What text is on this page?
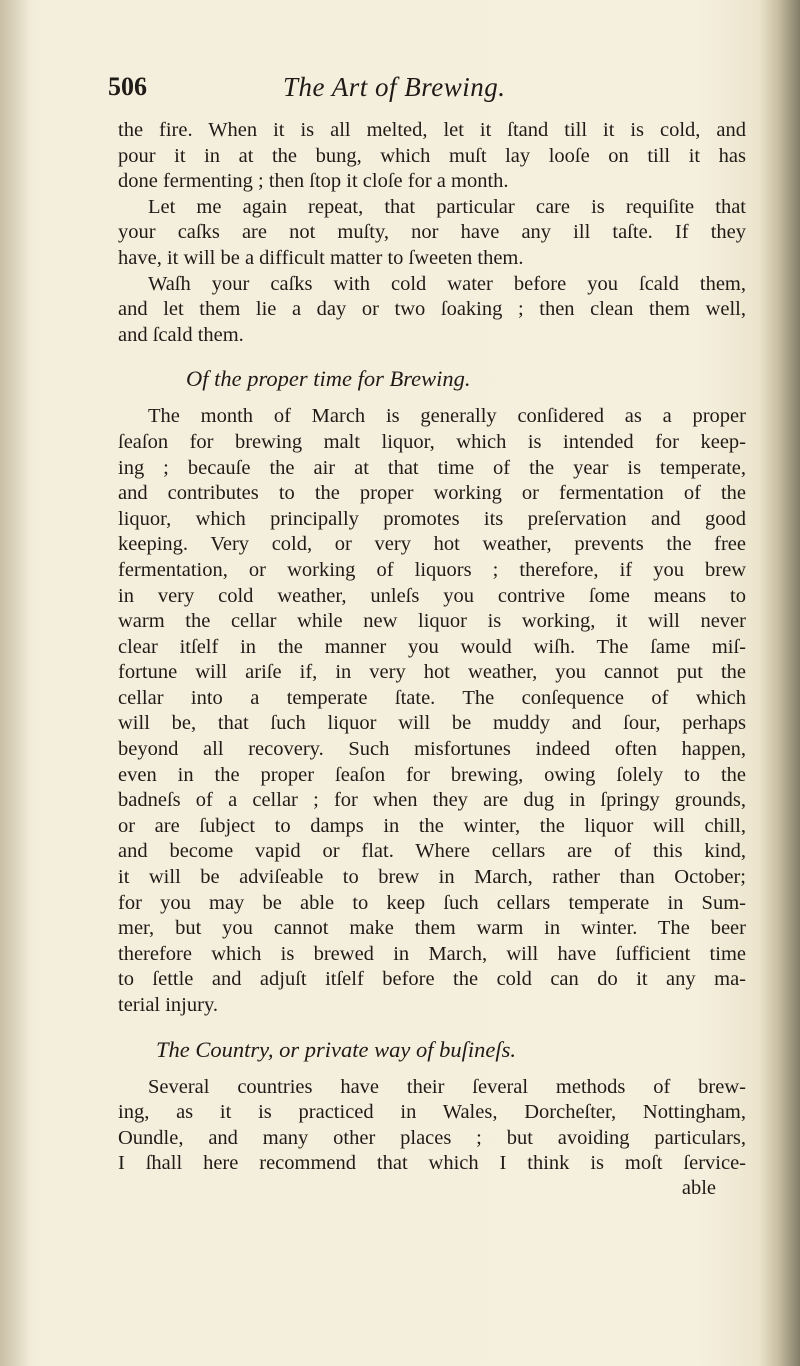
506	The Art of Brewing.
the fire. When it is all melted, let it ſtand till it is cold, and
pour it in at the bung, which muſt lay looſe on till it has
done fermenting ; then ſtop it cloſe for a month.
Let me again repeat, that particular care is requiſite that
your caſks are not muſty, nor have any ill taſte. If they
have, it will be a difficult matter to ſweeten them.
Waſh your caſks with cold water before you ſcald them,
and let them lie a day or two ſoaking ; then clean them well,
and ſcald them.
Of the proper time for Brewing.
The month of March is generally conſidered as a proper
ſeaſon for brewing malt liquor, which is intended for keep-
ing ; becauſe the air at that time of the year is temperate,
and contributes to the proper working or fermentation of the
liquor, which principally promotes its preſervation and good
keeping. Very cold, or very hot weather, prevents the free
fermentation, or working of liquors ; therefore, if you brew
in very cold weather, unleſs you contrive ſome means to
warm the cellar while new liquor is working, it will never
clear itſelf in the manner you would wiſh. The ſame miſ-
fortune will ariſe if, in very hot weather, you cannot put the
cellar into a temperate ſtate. The conſequence of which
will be, that ſuch liquor will be muddy and ſour, perhaps
beyond all recovery. Such misfortunes indeed often happen,
even in the proper ſeaſon for brewing, owing ſolely to the
badneſs of a cellar ; for when they are dug in ſpringy grounds,
or are ſubject to damps in the winter, the liquor will chill,
and become vapid or flat. Where cellars are of this kind,
it will be adviſeable to brew in March, rather than October;
for you may be able to keep ſuch cellars temperate in Sum-
mer, but you cannot make them warm in winter. The beer
therefore which is brewed in March, will have ſufficient time
to ſettle and adjuſt itſelf before the cold can do it any ma-
terial injury.
The Country, or private way of buſineſs.
Several countries have their ſeveral methods of brew-
ing, as it is practiced in Wales, Dorcheſter, Nottingham,
Oundle, and many other places ; but avoiding particulars,
I ſhall here recommend that which I think is moſt ſervice-
able
